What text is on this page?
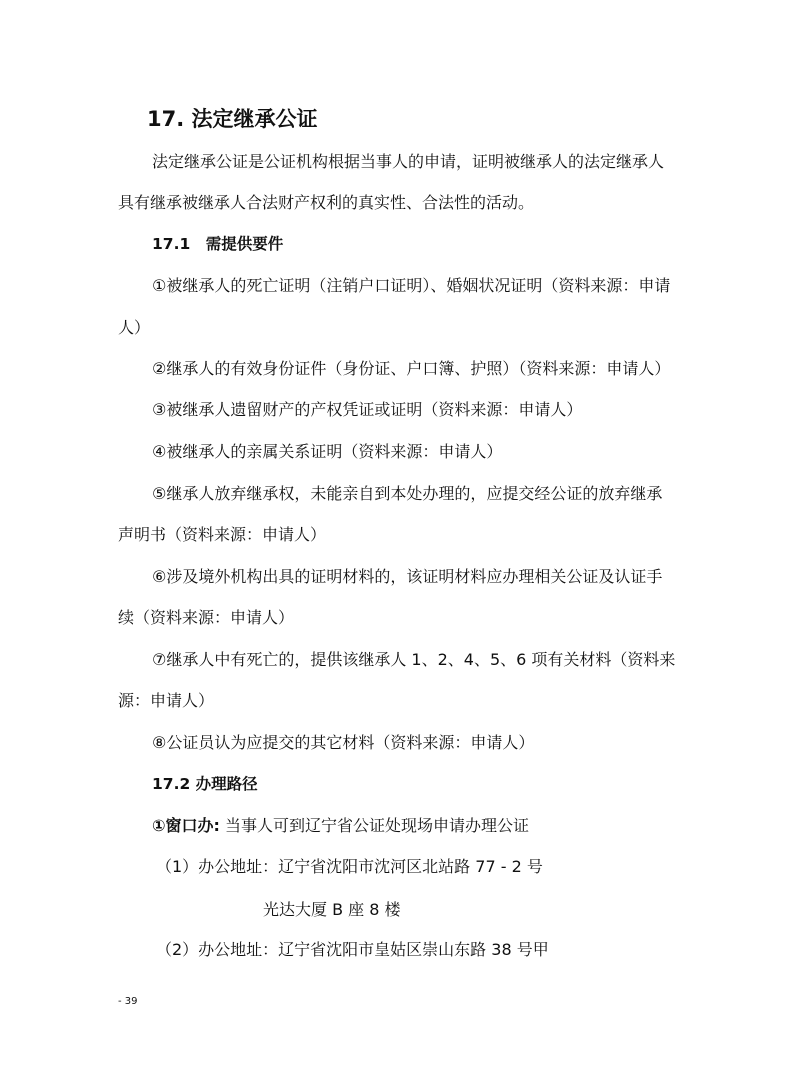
17. 法定继承公证
法定继承公证是公证机构根据当事人的申请，证明被继承人的法定继承人
具有继承被继承人合法财产权利的真实性、合法性的活动。
17.1　需提供要件
①被继承人的死亡证明（注销户口证明）、婚姻状况证明（资料来源：申请
人）
②继承人的有效身份证件（身份证、户口簿、护照）（资料来源：申请人）
③被继承人遗留财产的产权凭证或证明（资料来源：申请人）
④被继承人的亲属关系证明（资料来源：申请人）
⑤继承人放弃继承权，未能亲自到本处办理的，应提交经公证的放弃继承
声明书（资料来源：申请人）
⑥涉及境外机构出具的证明材料的，该证明材料应办理相关公证及认证手
续（资料来源：申请人）
⑦继承人中有死亡的，提供该继承人 1、2、4、5、6 项有关材料（资料来
源：申请人）
⑧公证员认为应提交的其它材料（资料来源：申请人）
17.2 办理路径
①窗口办: 当事人可到辽宁省公证处现场申请办理公证
（1）办公地址：辽宁省沈阳市沈河区北站路 77 - 2 号
光达大厦 B 座 8 楼
（2）办公地址：辽宁省沈阳市皇姑区崇山东路 38 号甲
- 39
